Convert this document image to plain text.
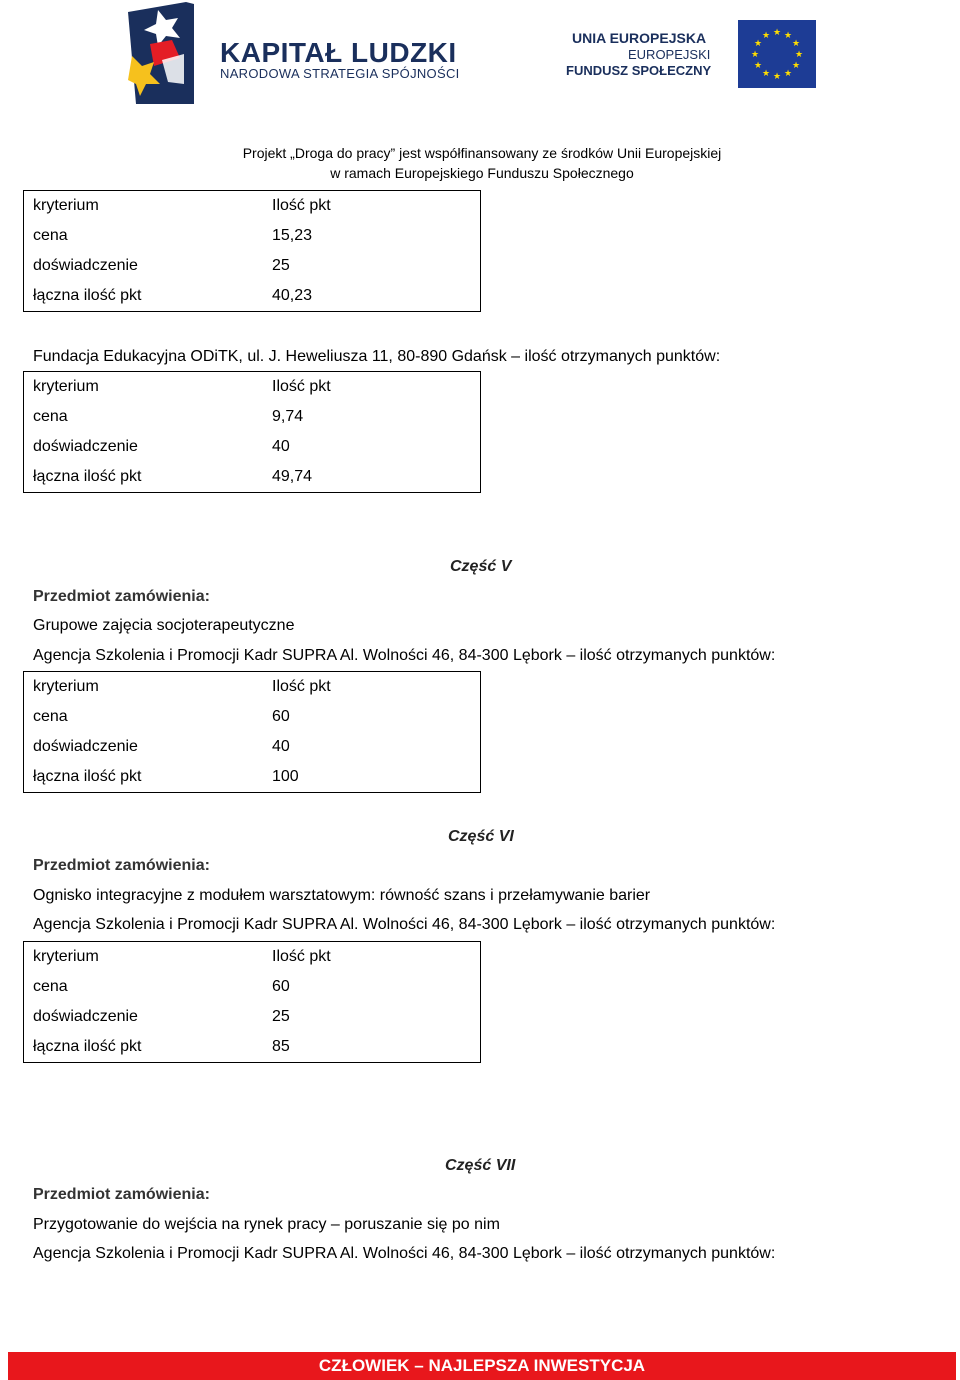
KAPITAŁ LUDZKI
NARODOWA STRATEGIA SPÓJNOŚCI
UNIA EUROPEJSKA
EUROPEJSKI
FUNDUSZ SPOŁECZNY
★ ★
★
★
★
★
★
★
★
★
★
★
Projekt „Droga do pracy” jest współfinansowany ze środków Unii Europejskiej
w ramach Europejskiego Funduszu Społecznego
kryterium	Ilość pkt
cena	15,23
doświadczenie	25
łączna ilość pkt	40,23
Fundacja Edukacyjna ODiTK, ul. J. Heweliusza 11, 80-890 Gdańsk – ilość otrzymanych punktów:
kryterium	Ilość pkt
cena	9,74
doświadczenie	40
łączna ilość pkt	49,74
Część V
Przedmiot zamówienia:
Grupowe zajęcia socjoterapeutyczne
Agencja Szkolenia i Promocji Kadr SUPRA Al. Wolności 46, 84-300 Lębork – ilość otrzymanych punktów:
kryterium	Ilość pkt
cena	60
doświadczenie	40
łączna ilość pkt	100
Część VI
Przedmiot zamówienia:
Ognisko integracyjne z modułem warsztatowym: równość szans i przełamywanie barier
Agencja Szkolenia i Promocji Kadr SUPRA Al. Wolności 46, 84-300 Lębork – ilość otrzymanych punktów:
kryterium	Ilość pkt
cena	60
doświadczenie	25
łączna ilość pkt	85
Część VII
Przedmiot zamówienia:
Przygotowanie do wejścia na rynek pracy – poruszanie się po nim
Agencja Szkolenia i Promocji Kadr SUPRA Al. Wolności 46, 84-300 Lębork – ilość otrzymanych punktów:
CZŁOWIEK – NAJLEPSZA INWESTYCJA
